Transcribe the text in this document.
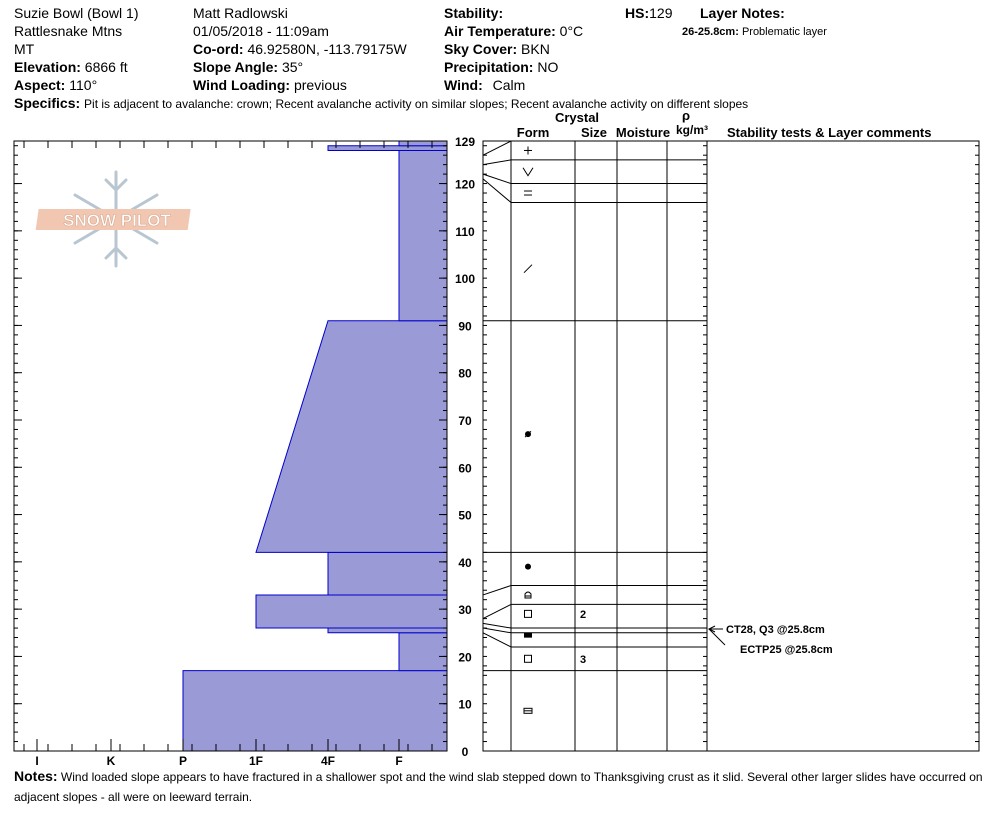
Suzie Bowl (Bowl 1)
Rattlesnake Mtns
MT
Elevation: 6866 ft
Aspect: 110°
Matt Radlowski
01/05/2018 - 11:09am
Co-ord: 46.92580N, -113.79175W
Slope Angle: 35°
Wind Loading: previous
Stability:
Air Temperature: 0°C
Sky Cover: BKN
Precipitation: NO
Wind: Calm
HS:129 Layer Notes:
26-25.8cm: Problematic layer
Specifics: Pit is adjacent to avalanche: crown; Recent avalanche activity on similar slopes; Recent avalanche activity on different slopes
SNOW PILOT
I	K	P	1F	4F	F
0
10
20
30
40
50
60
70
80
90
100
110
120
129
2
3
CT28, Q3 @25.8cm
ECTP25 @25.8cm
Crystal
Form Size Moisture
ρ
kg/m³ Stability tests & Layer comments
Notes: Wind loaded slope appears to have fractured in a shallower spot and the wind slab stepped down to Thanksgiving crust as it slid. Several other larger slides have occurred on adjacent slopes - all were on leeward terrain.
